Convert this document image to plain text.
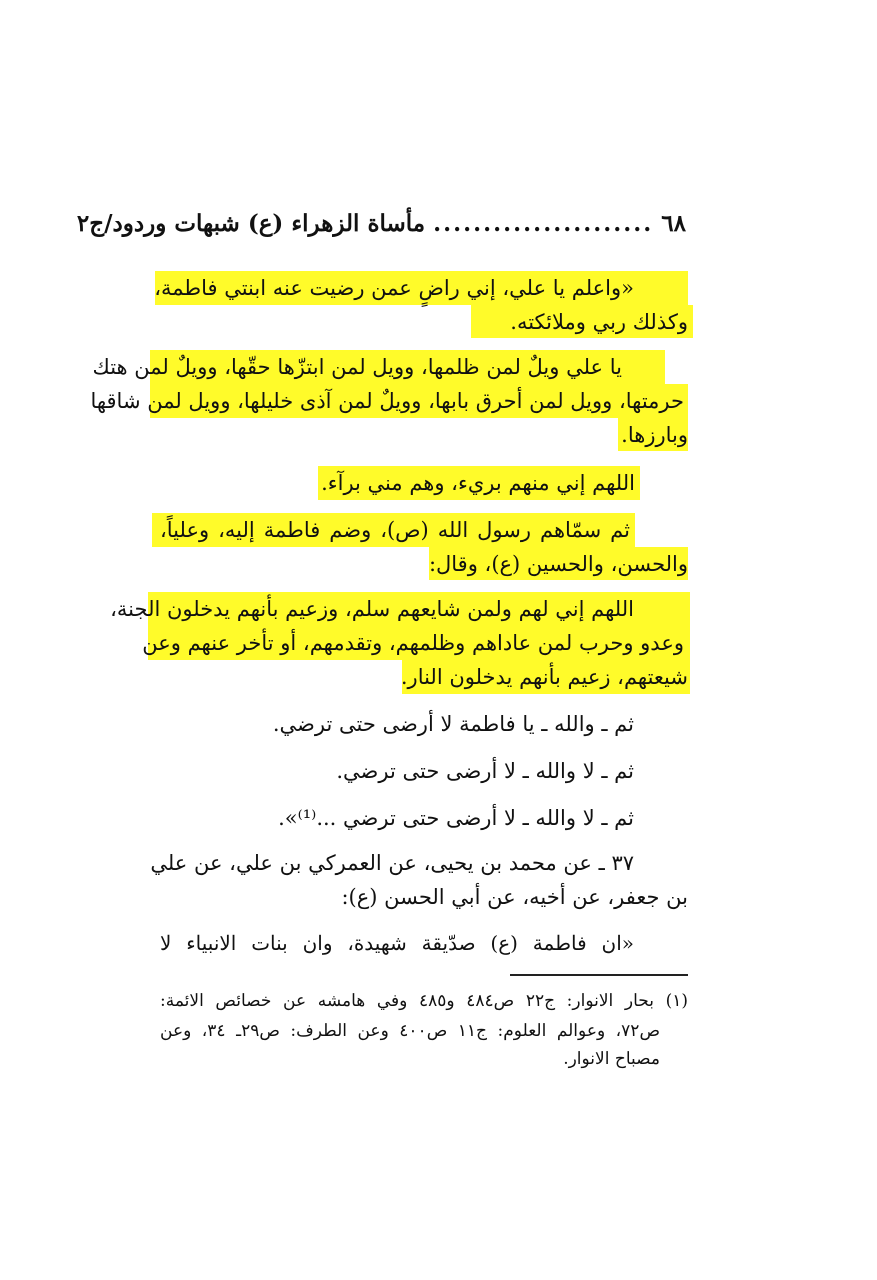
٦٨
......................
مأساة الزهراء (ع) شبهات وردود/ج٢
«واعلم يا علي، إني راضٍ عمن رضيت عنه ابنتي فاطمة،
وكذلك ربي وملائكته.
يا علي ويلٌ لمن ظلمها، وويل لمن ابتزّها حقّها، وويلٌ لمن هتك
حرمتها، وويل لمن أحرق بابها، وويلٌ لمن آذى خليلها، وويل لمن شاقها
وبارزها.
اللهم إني منهم بريء، وهم مني برآء.
ثم سمّاهم رسول الله (ص)، وضم فاطمة إليه، وعلياً،
والحسن، والحسين (ع)، وقال:
اللهم إني لهم ولمن شايعهم سلم، وزعيم بأنهم يدخلون الجنة،
وعدو وحرب لمن عاداهم وظلمهم، وتقدمهم، أو تأخر عنهم وعن
شيعتهم، زعيم بأنهم يدخلون النار.
ثم ـ والله ـ يا فاطمة لا أرضى حتى ترضي.
ثم ـ لا والله ـ لا أرضى حتى ترضي.
ثم ـ لا والله ـ لا أرضى حتى ترضي ...⁽¹⁾».
٣٧ ـ عن محمد بن يحيى، عن العمركي بن علي، عن علي
بن جعفر، عن أخيه، عن أبي الحسن (ع):
«ان فاطمة (ع) صدّيقة شهيدة، وان بنات الانبياء لا
(١) بحار الانوار: ج٢٢ ص٤٨٤ و٤٨٥ وفي هامشه عن خصائص الائمة:
ص٧٢، وعوالم العلوم: ج١١ ص٤٠٠ وعن الطرف: ص٢٩ـ ٣٤، وعن
مصباح الانوار.
